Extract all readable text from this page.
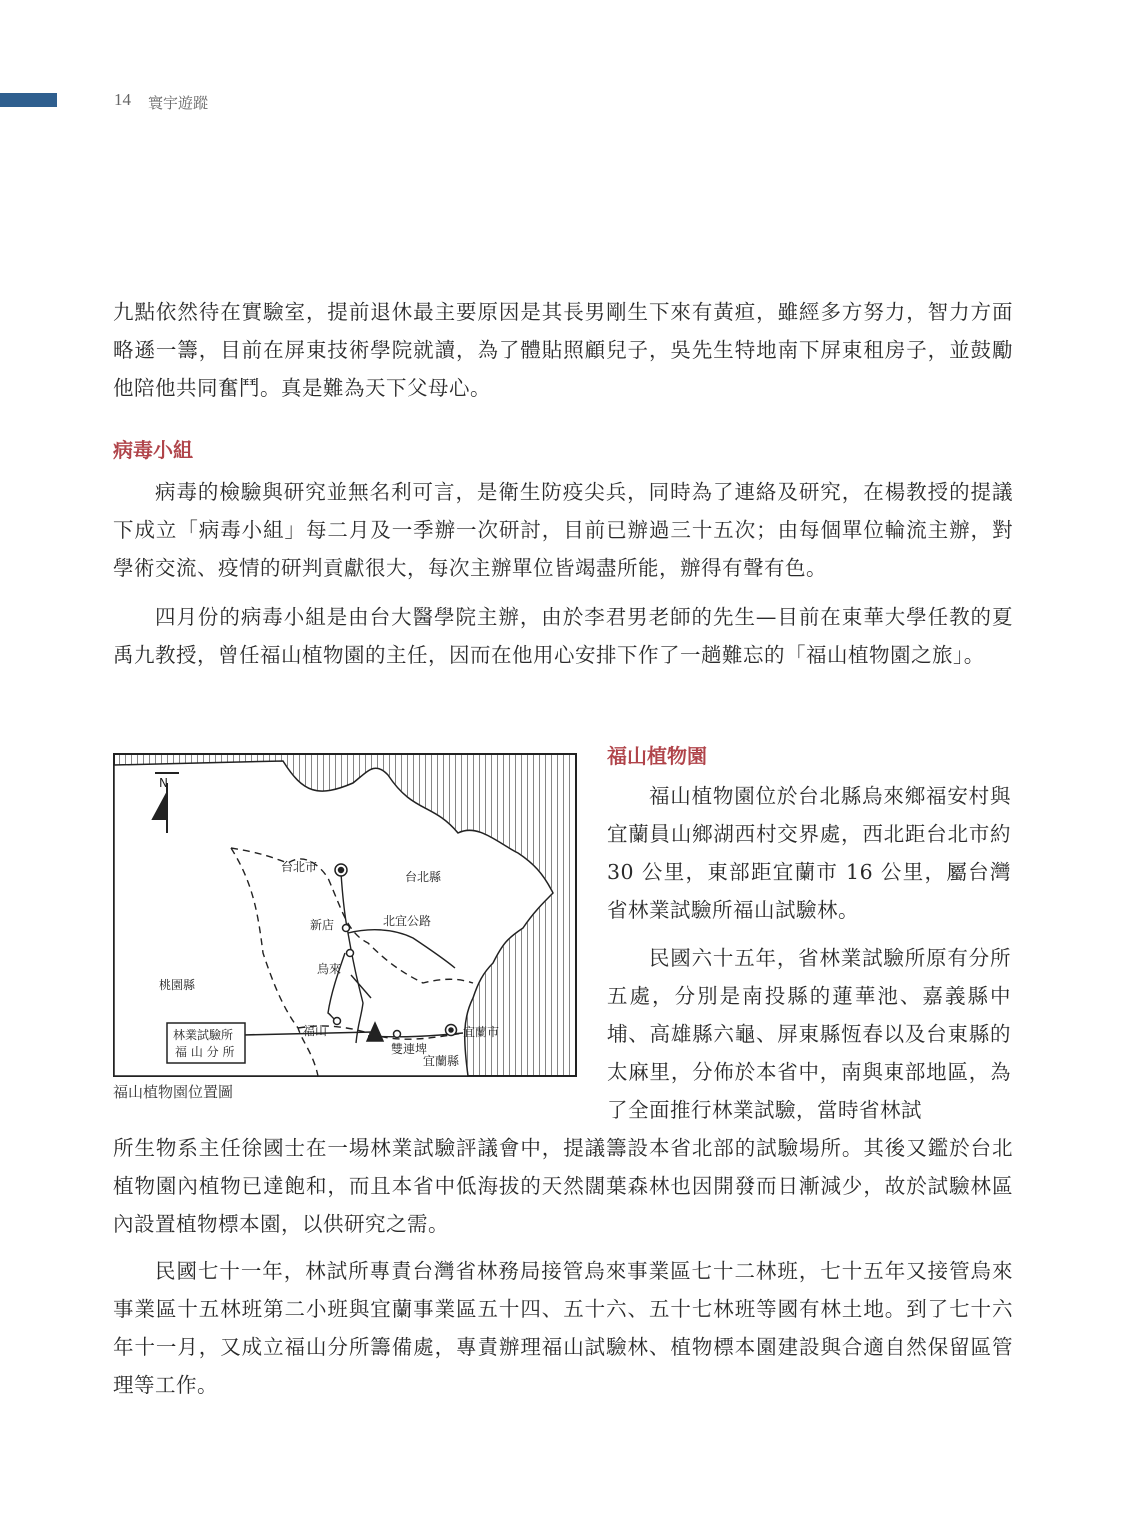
14 寰宇遊蹤

九點依然待在實驗室，提前退休最主要原因是其長男剛生下來有黃疸，雖經多方努力，智力方面略遜一籌，目前在屏東技術學院就讀，為了體貼照顧兒子，吳先生特地南下屏東租房子，並鼓勵他陪他共同奮鬥。真是難為天下父母心。

病毒小組

病毒的檢驗與研究並無名利可言，是衛生防疫尖兵，同時為了連絡及研究，在楊教授的提議下成立「病毒小組」每二月及一季辦一次研討，目前已辦過三十五次；由每個單位輪流主辦，對學術交流、疫情的研判貢獻很大，每次主辦單位皆竭盡所能，辦得有聲有色。

四月份的病毒小組是由台大醫學院主辦，由於李君男老師的先生—目前在東華大學任教的夏禹九教授，曾任福山植物園的主任，因而在他用心安排下作了一趟難忘的「福山植物園之旅」。

福山植物園

福山植物園位於台北縣烏來鄉福安村與宜蘭員山鄉湖西村交界處，西北距台北市約 30 公里，東部距宜蘭市 16 公里，屬台灣省林業試驗所福山試驗林。

民國六十五年，省林業試驗所原有分所五處，分別是南投縣的蓮華池、嘉義縣中埔、高雄縣六龜、屏東縣恆春以及台東縣的太麻里，分佈於本省中，南與東部地區，為了全面推行林業試驗，當時省林試

所生物系主任徐國士在一場林業試驗評議會中，提議籌設本省北部的試驗場所。其後又鑑於台北植物園內植物已達飽和，而且本省中低海拔的天然闊葉森林也因開發而日漸減少，故於試驗林區內設置植物標本園，以供研究之需。

民國七十一年，林試所專責台灣省林務局接管烏來事業區七十二林班，七十五年又接管烏來事業區十五林班第二小班與宜蘭事業區五十四、五十六、五十七林班等國有林土地。到了七十六年十一月，又成立福山分所籌備處，專責辦理福山試驗林、植物標本園建設與合適自然保留區管理等工作。

N
台北市
台北縣
新店	北宜公路
烏來
桃園縣
福山	宜蘭市
雙連埤
宜蘭縣
林業試驗所
福 山 分 所
福山植物園位置圖
